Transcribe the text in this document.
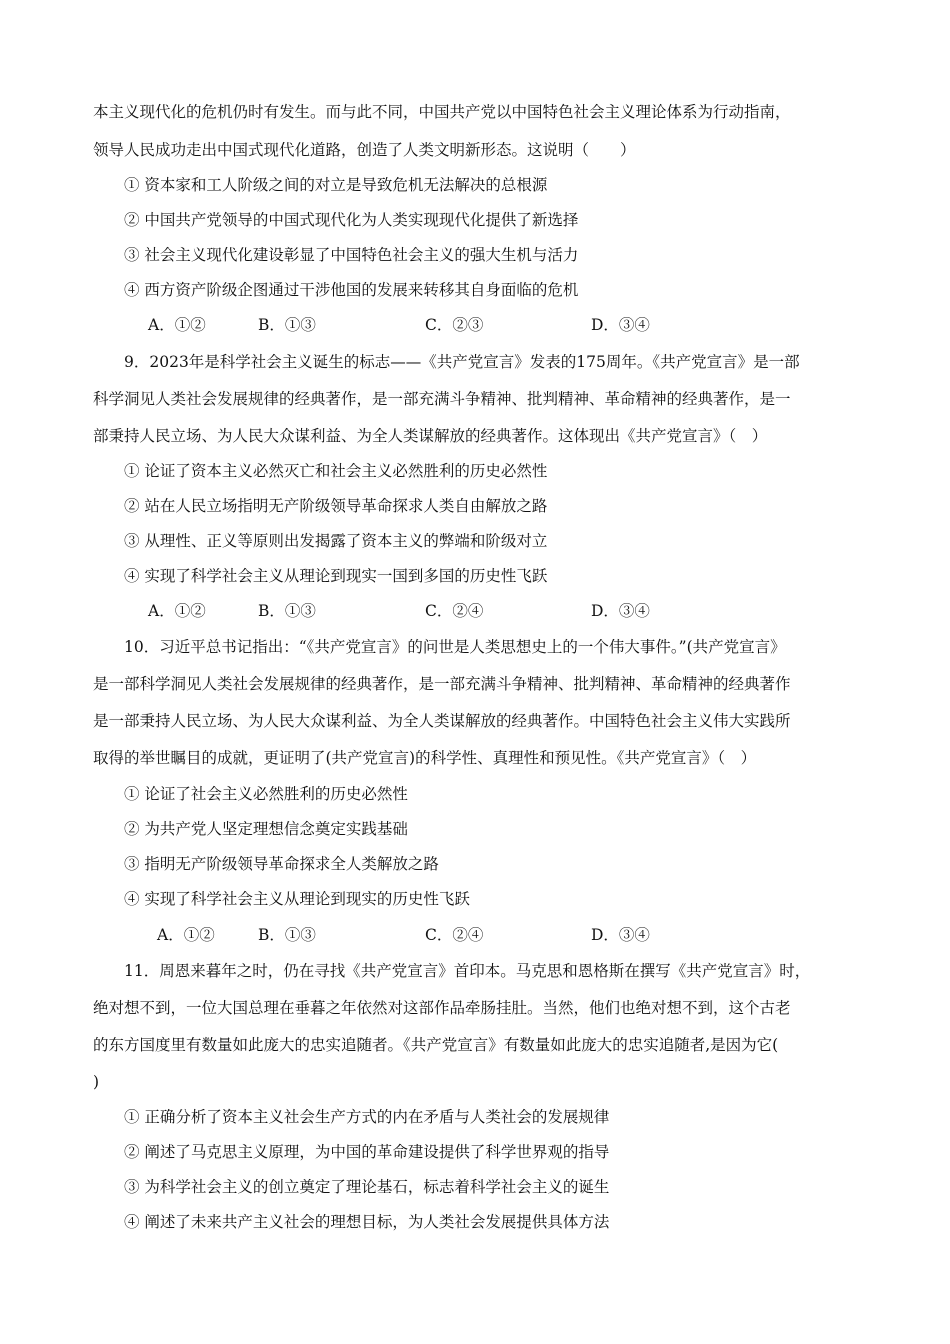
本主义现代化的危机仍时有发生。而与此不同，中国共产党以中国特色社会主义理论体系为行动指南，
领导人民成功走出中国式现代化道路，创造了人类文明新形态。这说明（　　）
① 资本家和工人阶级之间的对立是导致危机无法解决的总根源
② 中国共产党领导的中国式现代化为人类实现现代化提供了新选择
③ 社会主义现代化建设彰显了中国特色社会主义的强大生机与活力
④ 西方资产阶级企图通过干涉他国的发展来转移其自身面临的危机
A．①②	B．①③	C．②③	D．③④
9．2023年是科学社会主义诞生的标志——《共产党宣言》发表的175周年。《共产党宣言》是一部
科学洞见人类社会发展规律的经典著作，是一部充满斗争精神、批判精神、革命精神的经典著作，是一
部秉持人民立场、为人民大众谋利益、为全人类谋解放的经典著作。这体现出《共产党宣言》（　）
① 论证了资本主义必然灭亡和社会主义必然胜利的历史必然性
② 站在人民立场指明无产阶级领导革命探求人类自由解放之路
③ 从理性、正义等原则出发揭露了资本主义的弊端和阶级对立
④ 实现了科学社会主义从理论到现实一国到多国的历史性飞跃
A．①②	B．①③	C．②④	D．③④
10．习近平总书记指出：“《共产党宣言》的问世是人类思想史上的一个伟大事件。”(共产党宣言》
是一部科学洞见人类社会发展规律的经典著作，是一部充满斗争精神、批判精神、革命精神的经典著作
是一部秉持人民立场、为人民大众谋利益、为全人类谋解放的经典著作。中国特色社会主义伟大实践所
取得的举世瞩目的成就，更证明了(共产党宣言)的科学性、真理性和预见性。《共产党宣言》（　）
① 论证了社会主义必然胜利的历史必然性
② 为共产党人坚定理想信念奠定实践基础
③ 指明无产阶级领导革命探求全人类解放之路
④ 实现了科学社会主义从理论到现实的历史性飞跃
A．①②	B．①③	C．②④	D．③④
11．周恩来暮年之时，仍在寻找《共产党宣言》首印本。马克思和恩格斯在撰写《共产党宣言》时，
绝对想不到，一位大国总理在垂暮之年依然对这部作品牵肠挂肚。当然，他们也绝对想不到，这个古老
的东方国度里有数量如此庞大的忠实追随者。《共产党宣言》有数量如此庞大的忠实追随者,是因为它(
)
① 正确分析了资本主义社会生产方式的内在矛盾与人类社会的发展规律
② 阐述了马克思主义原理，为中国的革命建设提供了科学世界观的指导
③ 为科学社会主义的创立奠定了理论基石，标志着科学社会主义的诞生
④ 阐述了未来共产主义社会的理想目标，为人类社会发展提供具体方法
